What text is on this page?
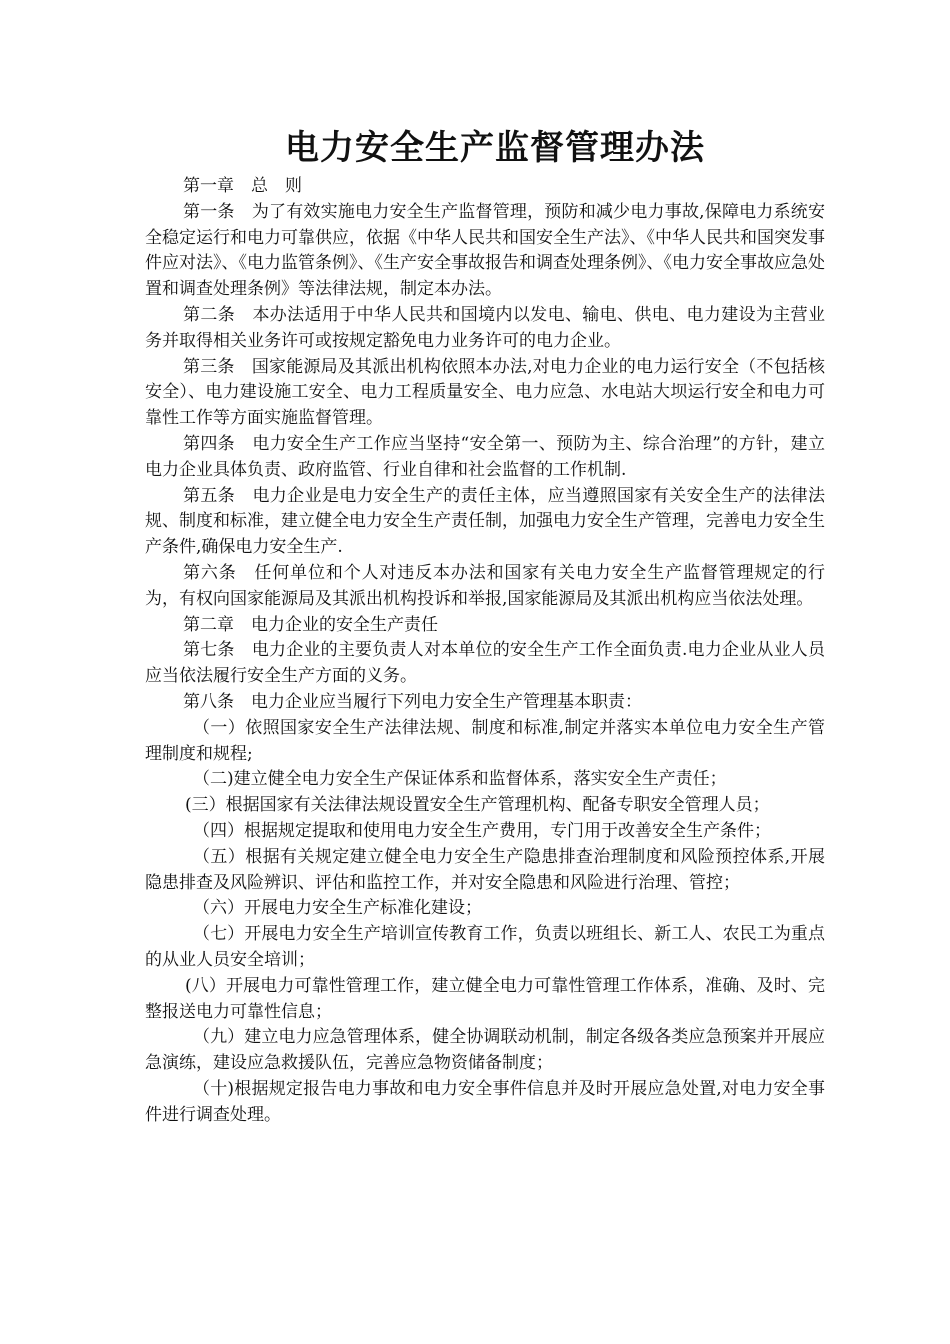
电力安全生产监督管理办法

第一章　总　则

第一条　为了有效实施电力安全生产监督管理，预防和减少电力事故,保障电力系统安全稳定运行和电力可靠供应，依据《中华人民共和国安全生产法》、《中华人民共和国突发事件应对法》、《电力监管条例》、《生产安全事故报告和调查处理条例》、《电力安全事故应急处置和调查处理条例》等法律法规，制定本办法。

第二条　本办法适用于中华人民共和国境内以发电、输电、供电、电力建设为主营业务并取得相关业务许可或按规定豁免电力业务许可的电力企业。

第三条　国家能源局及其派出机构依照本办法,对电力企业的电力运行安全（不包括核安全）、电力建设施工安全、电力工程质量安全、电力应急、水电站大坝运行安全和电力可靠性工作等方面实施监督管理。

第四条　电力安全生产工作应当坚持“安全第一、预防为主、综合治理”的方针，建立电力企业具体负责、政府监管、行业自律和社会监督的工作机制.

第五条　电力企业是电力安全生产的责任主体，应当遵照国家有关安全生产的法律法规、制度和标准，建立健全电力安全生产责任制，加强电力安全生产管理，完善电力安全生产条件,确保电力安全生产.

第六条　任何单位和个人对违反本办法和国家有关电力安全生产监督管理规定的行为，有权向国家能源局及其派出机构投诉和举报,国家能源局及其派出机构应当依法处理。

第二章　电力企业的安全生产责任

第七条　电力企业的主要负责人对本单位的安全生产工作全面负责.电力企业从业人员应当依法履行安全生产方面的义务。

第八条　电力企业应当履行下列电力安全生产管理基本职责：

（一）依照国家安全生产法律法规、制度和标准,制定并落实本单位电力安全生产管理制度和规程;

（二)建立健全电力安全生产保证体系和监督体系，落实安全生产责任；

(三）根据国家有关法律法规设置安全生产管理机构、配备专职安全管理人员；

（四）根据规定提取和使用电力安全生产费用，专门用于改善安全生产条件；

（五）根据有关规定建立健全电力安全生产隐患排查治理制度和风险预控体系,开展隐患排查及风险辨识、评估和监控工作，并对安全隐患和风险进行治理、管控；

（六）开展电力安全生产标准化建设；

（七）开展电力安全生产培训宣传教育工作，负责以班组长、新工人、农民工为重点的从业人员安全培训；

(八）开展电力可靠性管理工作，建立健全电力可靠性管理工作体系，准确、及时、完整报送电力可靠性信息；

（九）建立电力应急管理体系，健全协调联动机制，制定各级各类应急预案并开展应急演练，建设应急救援队伍，完善应急物资储备制度；

（十)根据规定报告电力事故和电力安全事件信息并及时开展应急处置,对电力安全事件进行调查处理。
